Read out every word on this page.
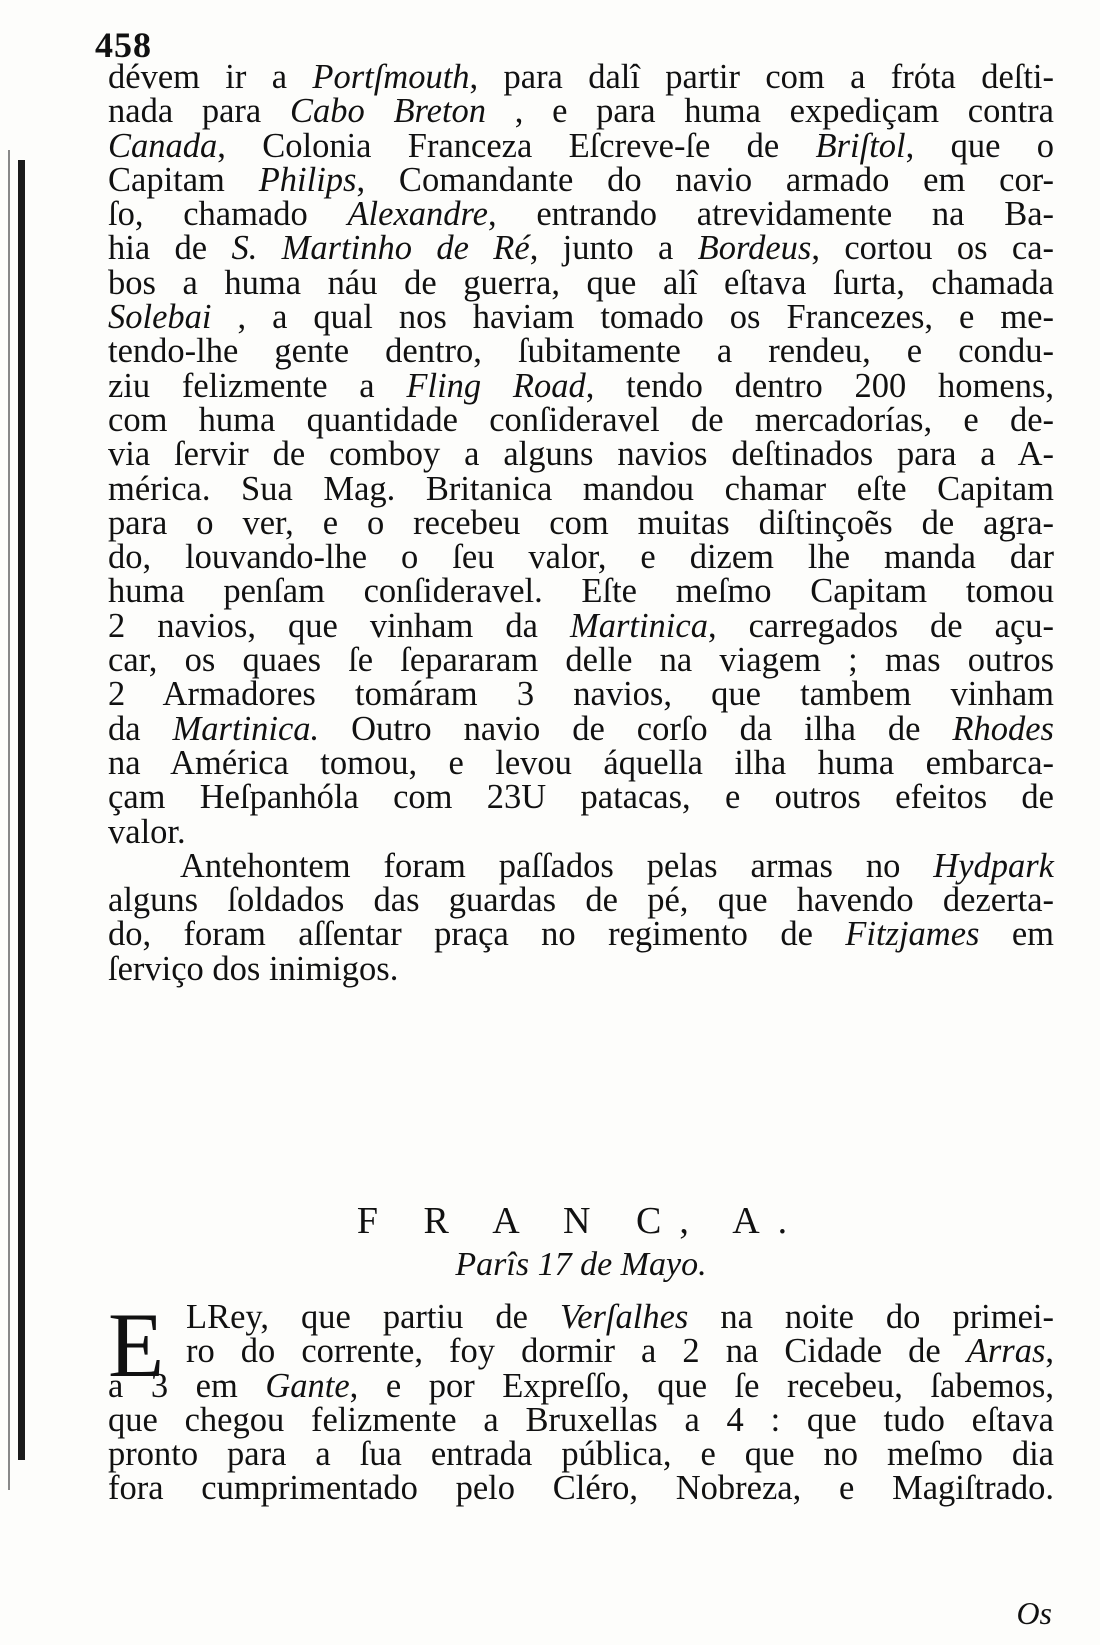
458
dévem ir a Portſmouth, para dalî partir com a frόta deſti-
nada para Cabo Breton , e para huma expediçam contra
Canada, Colonia Franceza Eſcreve-ſe de Briſtol, que o
Capitam Philips, Comandante do navio armado em cor-
ſo, chamado Alexandre, entrando atrevidamente na Ba-
hia de S. Martinho de Ré, junto a Bordeus, cortou os ca-
bos a huma náu de guerra, que alî eſtava ſurta, chamada
Solebai , a qual nos haviam tomado os Francezes, e me-
tendo-lhe gente dentro, ſubitamente a rendeu, e condu-
ziu felizmente a Fling Road, tendo dentro 200 homens,
com huma quantidade conſideravel de mercadorías, e de-
via ſervir de comboy a alguns navios deſtinados para a A-
mérica. Sua Mag. Britanica mandou chamar eſte Capitam
para o ver, e o recebeu com muitas diſtinçoẽs de agra-
do, louvando-lhe o ſeu valor, e dizem lhe manda dar
huma penſam conſideravel. Eſte meſmo Capitam tomou
2 navios, que vinham da Martinica, carregados de açu-
car, os quaes ſe ſepararam delle na viagem ; mas outros
2 Armadores tomáram 3 navios, que tambem vinham
da Martinica. Outro navio de corſo da ilha de Rhodes
na América tomou, e levou áquella ilha huma embarca-
çam Heſpanhóla com 23U patacas, e outros efeitos de
valor.
Antehontem foram paſſados pelas armas no Hydpark
alguns ſoldados das guardas de pé, que havendo dezerta-
do, foram aſſentar praça no regimento de Fitzjames em
ſerviço dos inimigos.
F R A N C, A.
Parîs 17 de Mayo.
E LRey, que partiu de Verſalhes na noite do primei-
ro do corrente, foy dormir a 2 na Cidade de Arras,
a 3 em Gante, e por Expreſſo, que ſe recebeu, ſabemos,
que chegou felizmente a Bruxellas a 4 : que tudo eſtava
pronto para a ſua entrada pública, e que no meſmo dia
fora cumprimentado pelo Cléro, Nobreza, e Magiſtrado.
Os
